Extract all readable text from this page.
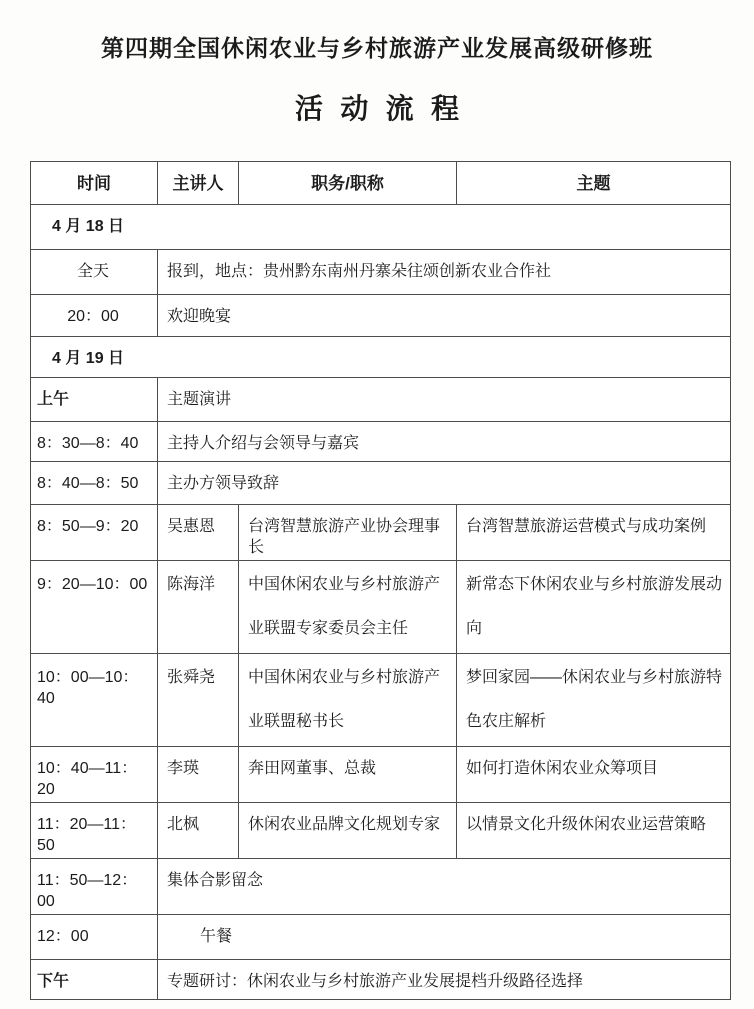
第四期全国休闲农业与乡村旅游产业发展高级研修班
活动流程
时间	主讲人	职务/职称	主题
4 月 18 日			
全天	报到，地点：贵州黔东南州丹寨朵往颂创新农业合作社		
20：00	欢迎晚宴		
4 月 19 日			
上午	主题演讲		
8：30—8：40	主持人介绍与会领导与嘉宾		
8：40—8：50	主办方领导致辞		
8：50—9：20	吴惠恩	台湾智慧旅游产业协会理事长	台湾智慧旅游运营模式与成功案例
9：20—10：00	陈海洋	中国休闲农业与乡村旅游产业联盟专家委员会主任	新常态下休闲农业与乡村旅游发展动向
10：00—10：40	张舜尧	中国休闲农业与乡村旅游产业联盟秘书长	梦回家园——休闲农业与乡村旅游特色农庄解析
10：40—11：20	李瑛	奔田网董事、总裁	如何打造休闲农业众筹项目
11：20—11：50	北枫	休闲农业品牌文化规划专家	以情景文化升级休闲农业运营策略
11：50—12：00	集体合影留念		
12：00	午餐		
下午	专题研讨：休闲农业与乡村旅游产业发展提档升级路径选择		
